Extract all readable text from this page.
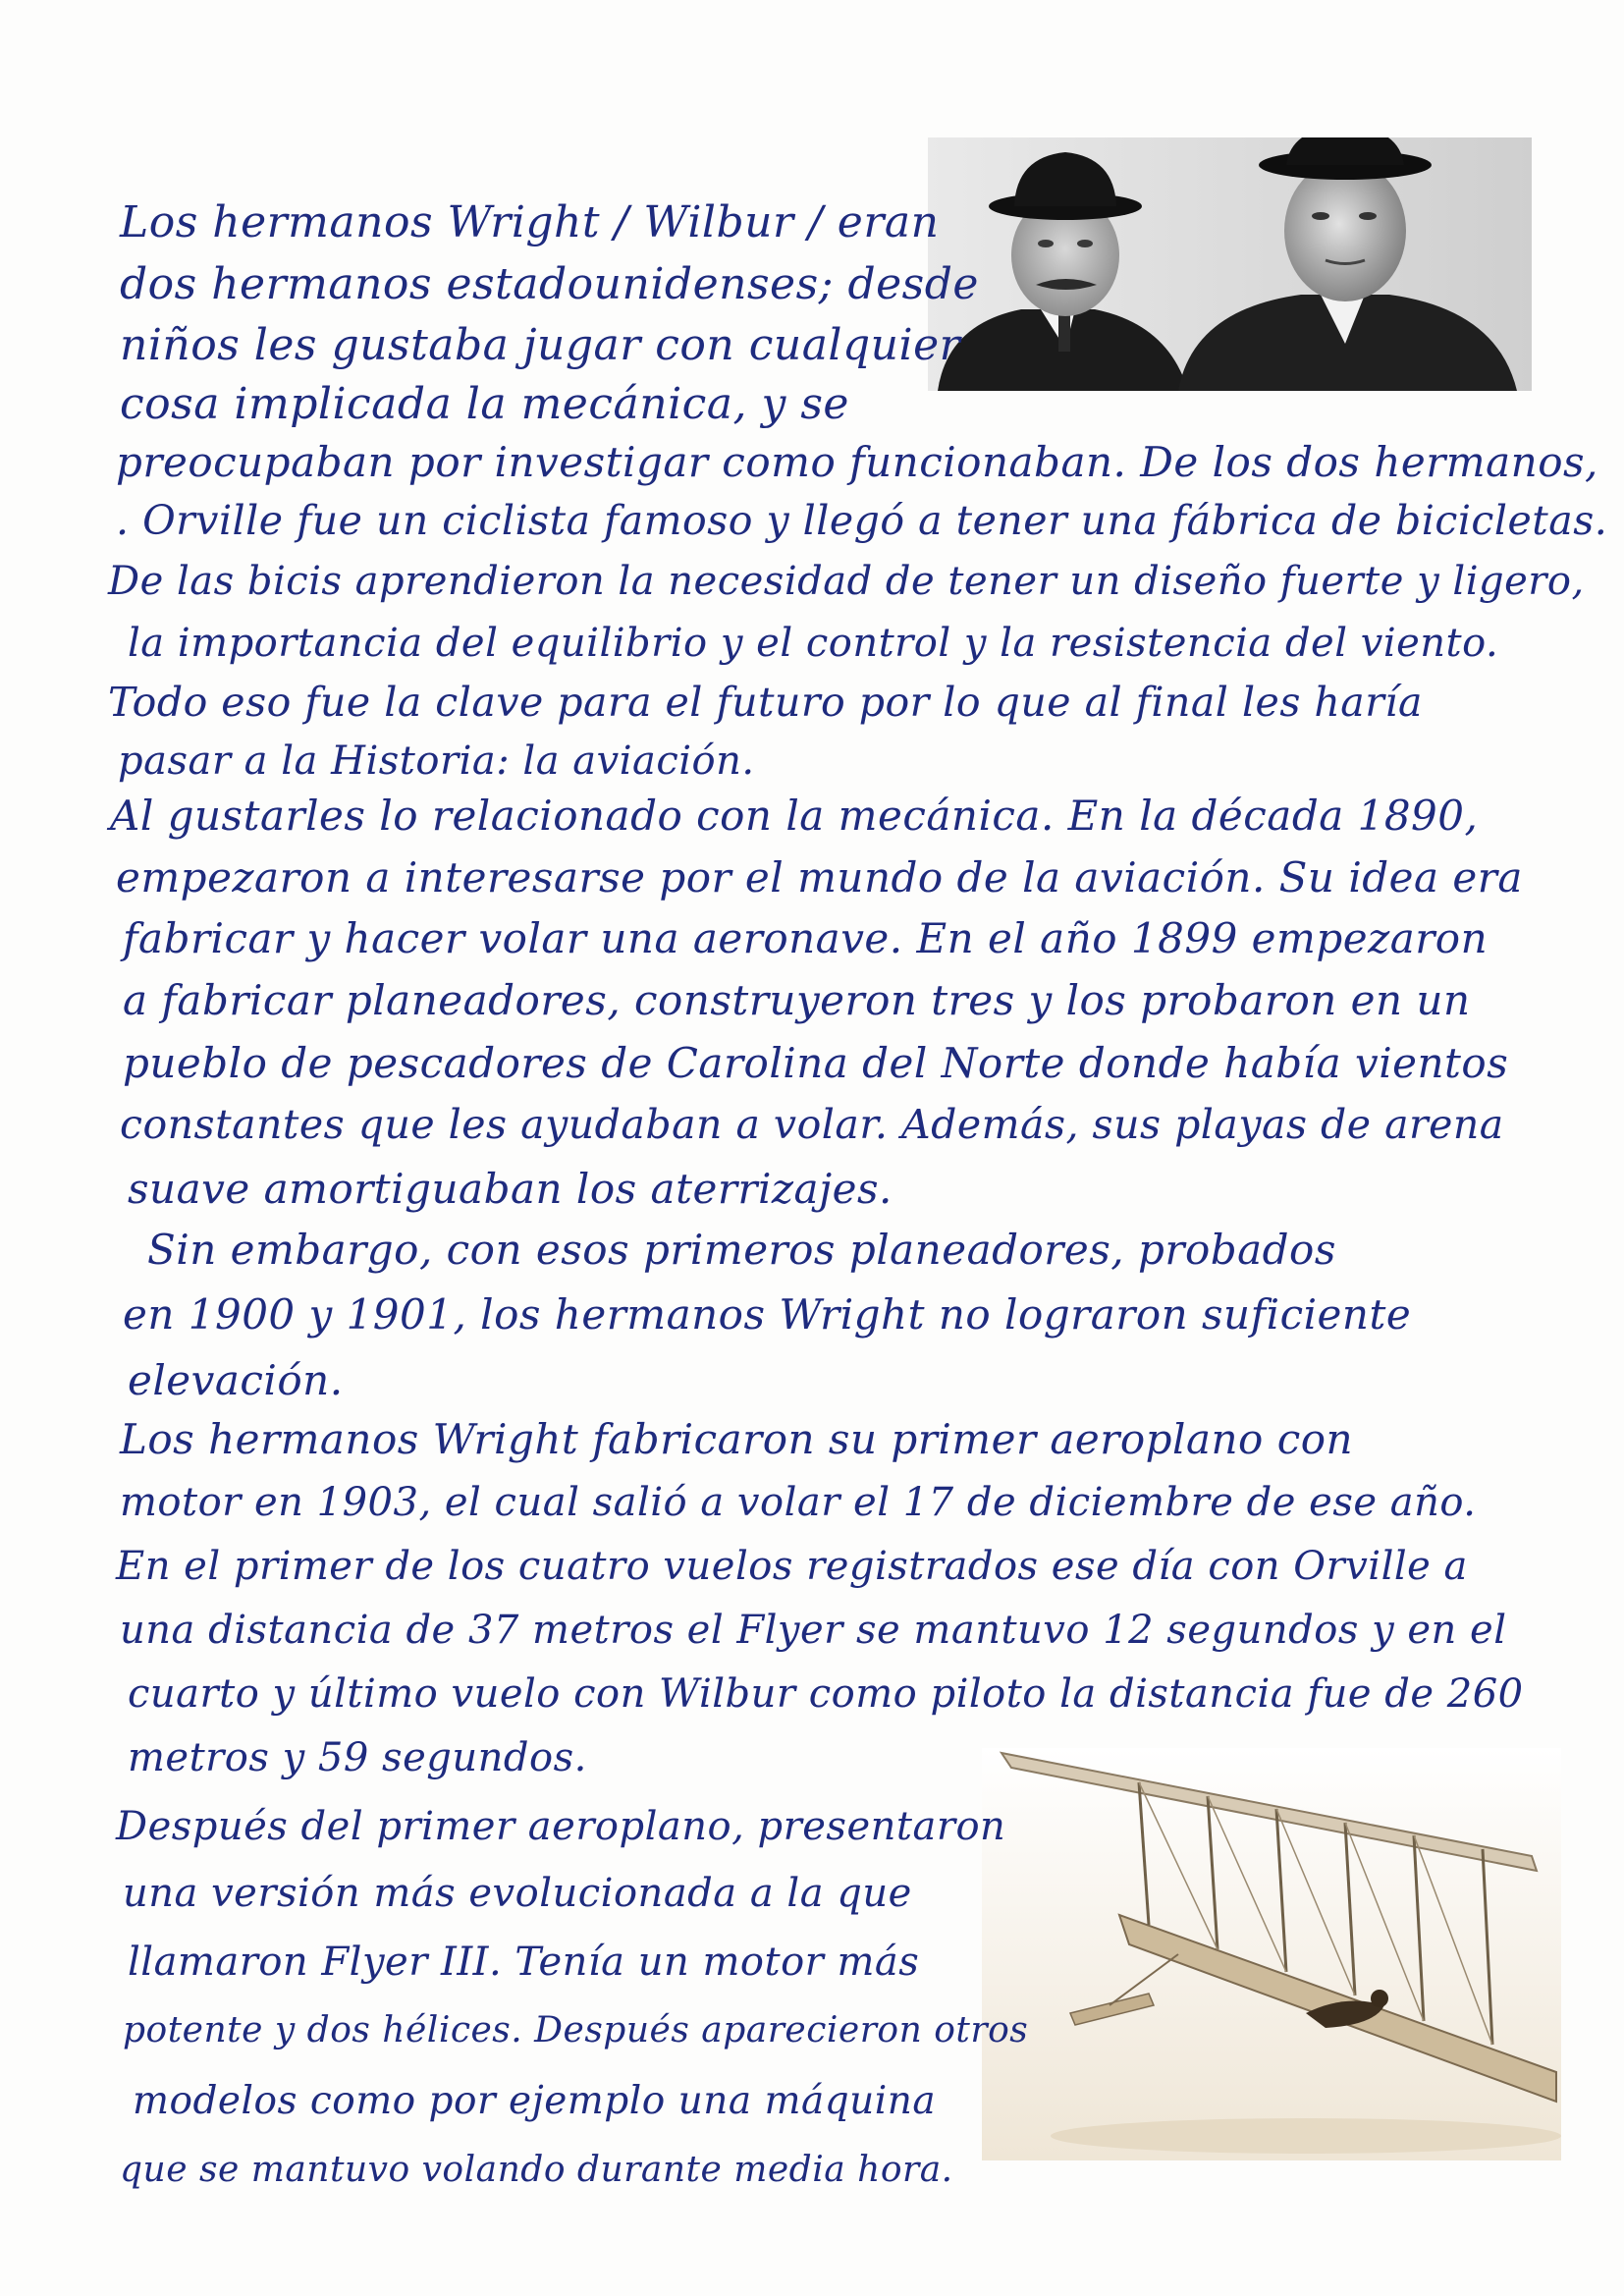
Los hermanos Wright / Wilbur / eran
dos hermanos estadounidenses; desde
niños les gustaba jugar con cualquier
cosa implicada la mecánica, y se
preocupaban por investigar como funcionaban. De los dos hermanos,
. Orville fue un ciclista famoso y llegó a tener una fábrica de bicicletas.
De las bicis aprendieron la necesidad de tener un diseño fuerte y ligero,
la importancia del equilibrio y el control y la resistencia del viento.
Todo eso fue la clave para el futuro por lo que al final les haría
pasar a la Historia: la aviación.
Al gustarles lo relacionado con la mecánica. En la década 1890,
empezaron a interesarse por el mundo de la aviación. Su idea era
fabricar y hacer volar una aeronave. En el año 1899 empezaron
a fabricar planeadores, construyeron tres y los probaron en un
pueblo de pescadores de Carolina del Norte donde había vientos
constantes que les ayudaban a volar. Además, sus playas de arena
suave amortiguaban los aterrizajes.
Sin embargo, con esos primeros planeadores, probados
en 1900 y 1901, los hermanos Wright no lograron suficiente
elevación.
Los hermanos Wright fabricaron su primer aeroplano con
motor en 1903, el cual salió a volar el 17 de diciembre de ese año.
En el primer de los cuatro vuelos registrados ese día con Orville a
una distancia de 37 metros el Flyer se mantuvo 12 segundos y en el
cuarto y último vuelo con Wilbur como piloto la distancia fue de 260
metros y 59 segundos.
Después del primer aeroplano, presentaron
una versión más evolucionada a la que
llamaron Flyer III. Tenía un motor más
potente y dos hélices. Después aparecieron otros
modelos como por ejemplo una máquina
que se mantuvo volando durante media hora.
